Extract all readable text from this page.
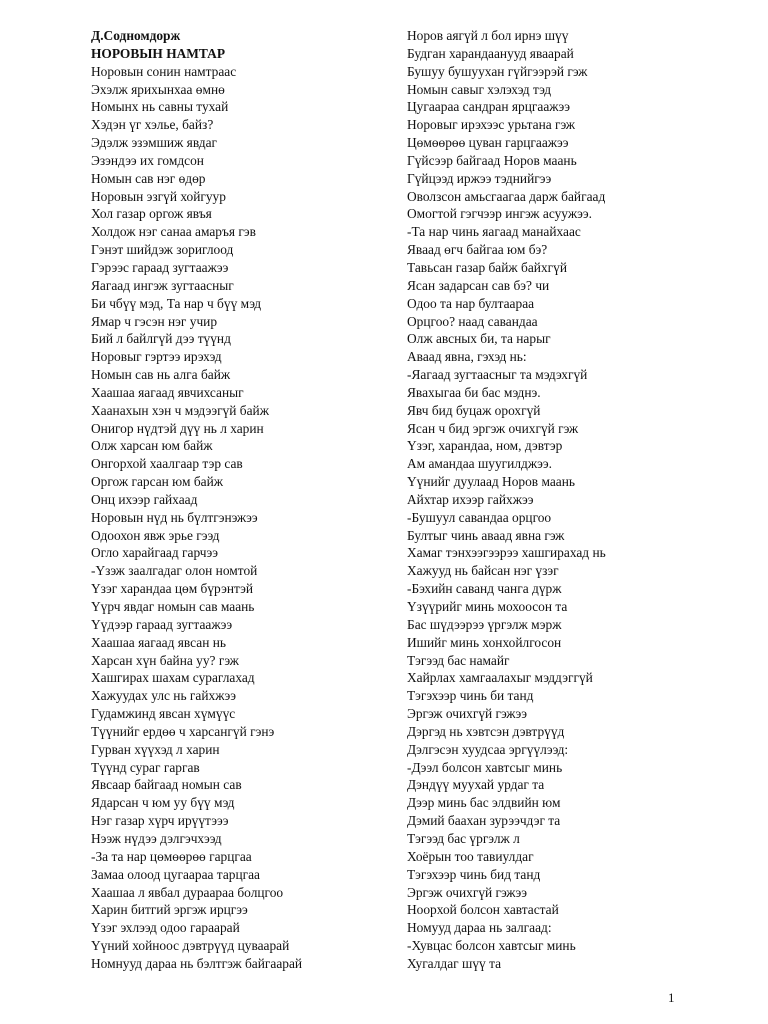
Д.Содномдорж
НОРОВЫН НАМТАР
Норовын сонин намтраас
Эхэлж ярихынхаа өмнө
Номынх нь савны тухай
Хэдэн үг хэлье, байз?
Эдэлж эзэмшиж явдаг
Эзэндээ их гомдсон
Номын сав нэг өдөр
Норовын эзгүй хойгуур
Хол газар оргож явъя
Холдож нэг санаа амаръя гэв
Гэнэт шийдэж зориглоод
Гэрээс гараад зугтаажээ
Яагаад ингэж зугтаасныг
Би чбүү мэд, Та нар ч бүү мэд
Ямар ч гэсэн нэг учир
Бий л байлгүй дээ түүнд
Норовыг гэртээ ирэхэд
Номын сав нь алга байж
Хаашаа яагаад явчихсаныг
Хаанахын хэн ч мэдээгүй байж
Онигор нүдтэй дүү нь л харин
Олж харсан юм байж
Онгорхой хаалгаар тэр сав
Оргож гарсан юм байж
Онц ихээр гайхаад
Норовын нүд нь бүлтгэнэжээ
Одоохон явж эрье гээд
Огло харайгаад гарчээ
-Үзэж заалгадаг олон номтой
Үзэг харандаа цөм бүрэнтэй
Үүрч явдаг номын сав маань
Үүдээр гараад зугтаажээ
Хаашаа яагаад явсан нь
Харсан хүн байна уу? гэж
Хашгирах шахам сураглахад
Хажуудах улс нь гайхжээ
Гудамжинд явсан хүмүүс
Түүнийг ердөө ч харсангүй гэнэ
Гурван хүүхэд л харин
Түүнд сураг гаргав
Явсаар байгаад номын сав
Ядарсан ч юм уу бүү мэд
Нэг газар хүрч ирүүтэээ
Нээж нүдээ дэлгэчхээд
-За та нар цөмөөрөө гарцгаа
Замаа олоод цугаараа тарцгаа
Хаашаа л явбал дураараа болцгоо
Харин битгий эргэж ирцгээ
Үзэг эхлээд одоо гараарай
Үүний хойноос дэвтрүүд цуваарай
Номнууд дараа нь бэлтгэж байгаарай
Норов аягүй л бол ирнэ шүү
Будган харандаанууд яваарай
Бушуу бушуухан гүйгээрэй гэж
Номын савыг хэлэхэд тэд
Цугаараа сандран ярцгаажээ
Норовыг ирэхээс урьтана гэж
Цөмөөрөө цуван гарцгаажээ
Гүйсээр байгаад Норов маань
Гүйцээд иржээ тэднийгээ
Оволзсон амьсгаагаа дарж байгаад
Омогтой гэгчээр ингэж асуужээ.
-Та нар чинь яагаад манайхаас
Яваад өгч байгаа юм бэ?
Тавьсан газар байж байхгүй
Ясан задарсан сав бэ? чи
Одоо та нар бултаараа
Орцгоо? наад савандаа
Олж авсных би, та нарыг
Аваад явна, гэхэд нь:
-Яагаад зугтаасныг та мэдэхгүй
Явахыгаа би бас мэднэ.
Явч бид буцаж орохгүй
Ясан ч бид эргэж очихгүй гэж
Үзэг, харандаа, ном, дэвтэр
Ам амандаа шуугилджээ.
Үүнийг дуулаад Норов маань
Айхтар ихээр гайхжээ
-Бушуул савандаа орцгоо
Бултыг чинь аваад явна гэж
Хамаг тэнхээгээрээ хашгирахад нь
Хажууд нь байсан нэг үзэг
-Бэхийн саванд чанга дүрж
Үзүүрийг минь мохоосон та
Бас шүдээрээ үргэлж мэрж
Ишийг минь хонхойлгосон
Тэгээд бас намайг
Хайрлах хамгаалахыг мэддэггүй
Тэгэхээр чинь би танд
Эргэж очихгүй гэжээ
Дэргэд нь хэвтсэн дэвтрүүд
Дэлгэсэн хуудсаа эргүүлээд:
-Дээл болсон хавтсыг минь
Дэндүү муухай урдаг та
Дээр минь бас элдвийн юм
Дэмий баахан зурээчдэг та
Тэгээд бас үргэлж л
Хоёрын тоо тавиулдаг
Тэгэхээр чинь бид танд
Эргэж очихгүй гэжээ
Ноорхой болсон хавтастай
Номууд дараа нь залгаад:
-Хувцас болсон хавтсыг минь
Хугалдаг шүү та
1
